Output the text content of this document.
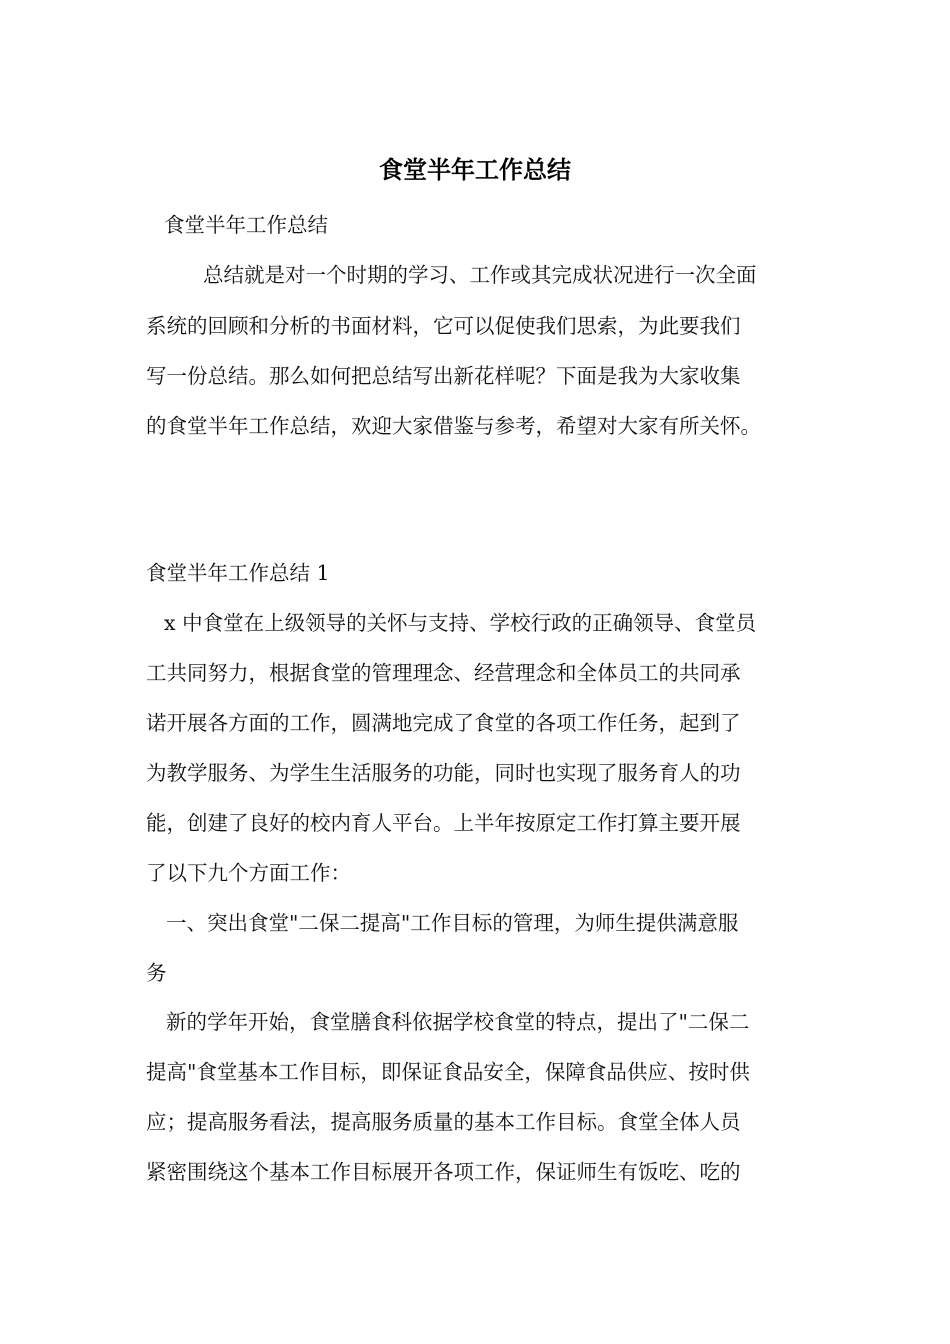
食堂半年工作总结

食堂半年工作总结

总结就是对一个时期的学习、工作或其完成状况进行一次全面

系统的回顾和分析的书面材料，它可以促使我们思索，为此要我们

写一份总结。那么如何把总结写出新花样呢？下面是我为大家收集

的食堂半年工作总结，欢迎大家借鉴与参考，希望对大家有所关怀。

食堂半年工作总结 1

x 中食堂在上级领导的关怀与支持、学校行政的正确领导、食堂员

工共同努力，根据食堂的管理理念、经营理念和全体员工的共同承

诺开展各方面的工作，圆满地完成了食堂的各项工作任务，起到了

为教学服务、为学生生活服务的功能，同时也实现了服务育人的功

能，创建了良好的校内育人平台。上半年按原定工作打算主要开展

了以下九个方面工作：

一、突出食堂"二保二提高"工作目标的管理，为师生提供满意服

务

新的学年开始，食堂膳食科依据学校食堂的特点，提出了"二保二

提高"食堂基本工作目标，即保证食品安全，保障食品供应、按时供

应；提高服务看法，提高服务质量的基本工作目标。食堂全体人员

紧密围绕这个基本工作目标展开各项工作，保证师生有饭吃、吃的
